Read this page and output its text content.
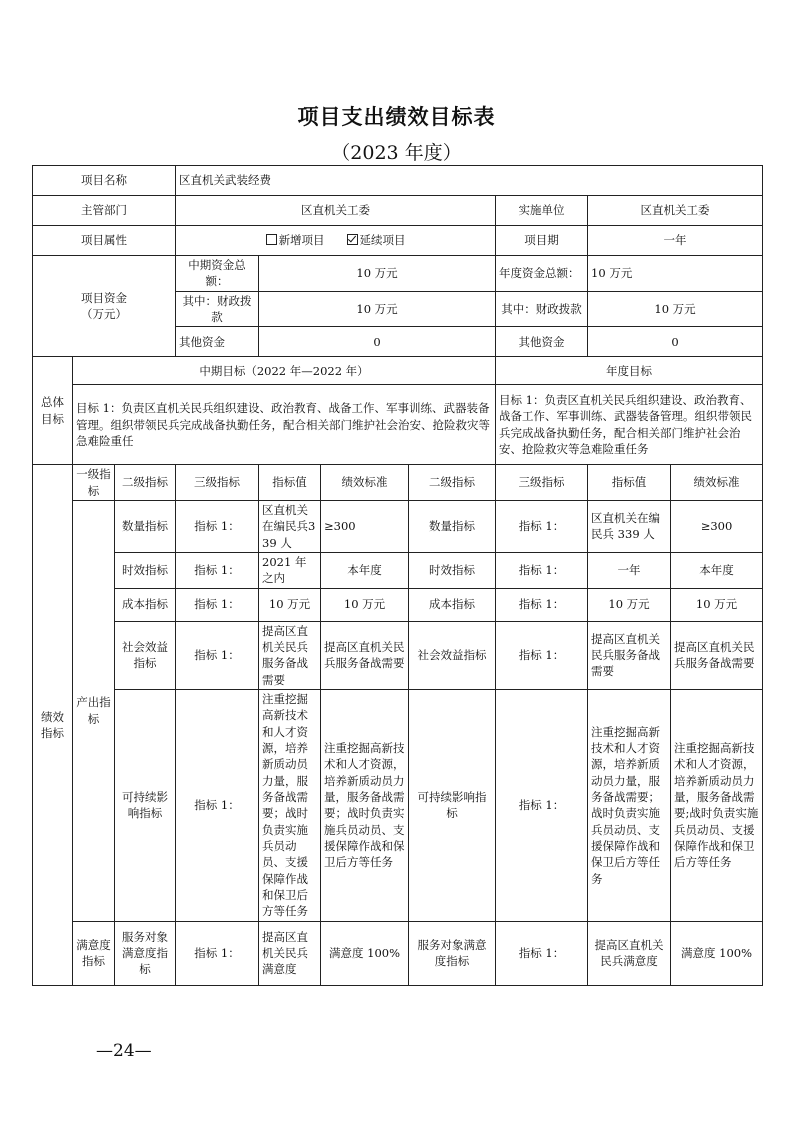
项目支出绩效目标表
（2023 年度）
项目名称			区直机关武装经费						
主管部门			区直机关工委				实施单位	区直机关工委	
项目属性			新增项目 延续项目				项目期	一年	
项目资金
（万元）			中期资金总额：	10 万元			年度资金总额：	10 万元	
			其中：财政拨款	10 万元			其中：财政拨款	10 万元	
			其他资金	0			其他资金	0	
总体目标	中期目标（2022 年—2022 年）						年度目标		
	目标 1：负责区直机关民兵组织建设、政治教育、战备工作、军事训练、武器装备管理。组织带领民兵完成战备执勤任务，配合相关部门维护社会治安、抢险救灾等急难险重任						目标 1：负责区直机关民兵组织建设、政治教育、战备工作、军事训练、武器装备管理。组织带领民兵完成战备执勤任务，配合相关部门维护社会治安、抢险救灾等急难险重任务		
绩效指标	一级指标	二级指标	三级指标	指标值	绩效标准	二级指标	三级指标	指标值	绩效标准
	产出指标	数量指标	指标 1：	区直机关在编民兵339 人	≥300	数量指标	指标 1：	区直机关在编民兵 339 人	≥300
		时效指标	指标 1：	2021 年之内	本年度	时效指标	指标 1：	一年	本年度
		成本指标	指标 1：	10 万元	10 万元	成本指标	指标 1：	10 万元	10 万元
		社会效益指标	指标 1：	提高区直机关民兵服务备战需要	提高区直机关民兵服务备战需要	社会效益指标	指标 1：	提高区直机关民兵服务备战需要	提高区直机关民兵服务备战需要
		可持续影响指标	指标 1：	注重挖掘高新技术和人才资源，培养新质动员力量，服务备战需要；战时负责实施兵员动员、支援保障作战和保卫后方等任务	注重挖掘高新技术和人才资源，培养新质动员力量，服务备战需要；战时负责实施兵员动员、支援保障作战和保卫后方等任务	可持续影响指标	指标 1：	注重挖掘高新技术和人才资源，培养新质动员力量，服务备战需要；战时负责实施兵员动员、支援保障作战和保卫后方等任务	注重挖掘高新技术和人才资源，培养新质动员力量，服务备战需要;战时负责实施兵员动员、支援保障作战和保卫后方等任务
	满意度指标	服务对象满意度指标	指标 1：	提高区直机关民兵满意度	满意度 100%	服务对象满意度指标	指标 1：	提高区直机关民兵满意度	满意度 100%
—24—
